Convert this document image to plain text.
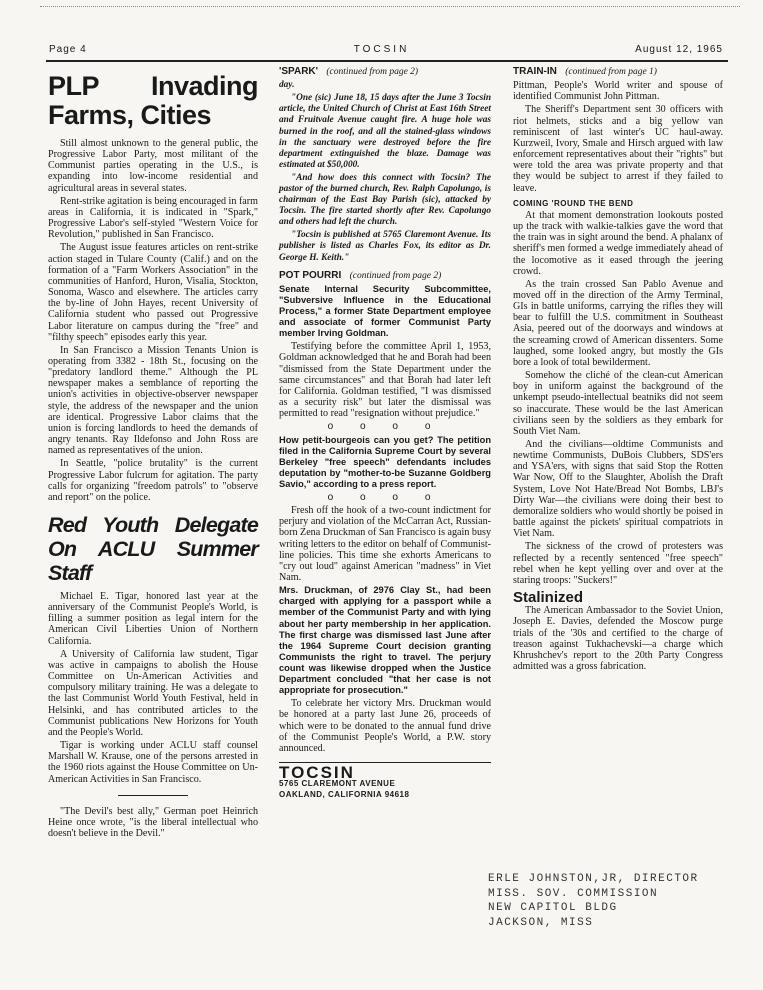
Page 4	TOCSIN	August 12, 1965
PLP Invading Farms, Cities

Still almost unknown to the general public, the Progressive Labor Party, most militant of the Communist parties operating in the U.S., is expanding into low-income residential and agricultural areas in several states.

Rent-strike agitation is being encouraged in farm areas in California, it is indicated in "Spark," Progressive Labor's self-styled "Western Voice for Revolution," published in San Francisco.

The August issue features articles on rent-strike action staged in Tulare County (Calif.) and on the formation of a "Farm Workers Association" in the communities of Hanford, Huron, Visalia, Stockton, Sonoma, Wasco and elsewhere. The articles carry the by-line of John Hayes, recent University of California student who passed out Progressive Labor literature on campus during the "free" and "filthy speech" episodes early this year.

In San Francisco a Mission Tenants Union is operating from 3382 - 18th St., focusing on the "predatory landlord theme." Although the PL newspaper makes a semblance of reporting the union's activities in objective-observer newspaper style, the address of the newspaper and the union are identical. Progressive Labor claims that the union is forcing landlords to heed the demands of angry tenants. Ray Ildefonso and John Ross are named as representatives of the union.

In Seattle, "police brutality" is the current Progressive Labor fulcrum for agitation. The party calls for organizing "freedom patrols" to "observe and report" on the police.

Red Youth Delegate On ACLU Summer Staff

Michael E. Tigar, honored last year at the anniversary of the Communist People's World, is filling a summer position as legal intern for the American Civil Liberties Union of Northern California.

A University of California law student, Tigar was active in campaigns to abolish the House Committee on Un-American Activities and compulsory military training. He was a delegate to the last Communist World Youth Festival, held in Helsinki, and has contributed articles to the Communist publications New Horizons for Youth and the People's World.

Tigar is working under ACLU staff counsel Marshall W. Krause, one of the persons arrested in the 1960 riots against the House Committee on Un-American Activities in San Francisco.

"The Devil's best ally," German poet Heinrich Heine once wrote, "is the liberal intellectual who doesn't believe in the Devil."

'SPARK' (continued from page 2)

day.

"One (sic) June 18, 15 days after the June 3 Tocsin article, the United Church of Christ at East 16th Street and Fruitvale Avenue caught fire. A huge hole was burned in the roof, and all the stained-glass windows in the sanctuary were destroyed before the fire department extinguished the blaze. Damage was estimated at $50,000.

"And how does this connect with Tocsin? The pastor of the burned church, Rev. Ralph Capolungo, is chairman of the East Bay Parish (sic), attacked by Tocsin. The fire started shortly after Rev. Capolungo and others had left the church.

"Tocsin is published at 5765 Claremont Avenue. Its publisher is listed as Charles Fox, its editor as Dr. George H. Keith."

POT POURRI (continued from page 2)

Senate Internal Security Subcommittee, "Subversive Influence in the Educational Process," a former State Department employee and associate of former Communist Party member Irving Goldman.

Testifying before the committee April 1, 1953, Goldman acknowledged that he and Borah had been "dismissed from the State Department under the same circumstances" and that Borah had later left for California. Goldman testified, "I was dismissed as a security risk" but later the dismissal was permitted to read "resignation without prejudice."

o o o o

How petit-bourgeois can you get? The petition filed in the California Supreme Court by several Berkeley "free speech" defendants includes deputation by "mother-to-be Suzanne Goldberg Savio," according to a press report.

o o o o

Fresh off the hook of a two-count indictment for perjury and violation of the McCarran Act, Russian-born Zena Druckman of San Francisco is again busy writing letters to the editor on behalf of Communist-line policies. This time she exhorts Americans to "cry out loud" against American "madness" in Viet Nam.

Mrs. Druckman, of 2976 Clay St., had been charged with applying for a passport while a member of the Communist Party and with lying about her party membership in her application. The first charge was dismissed last June after the 1964 Supreme Court decision granting Communists the right to travel. The perjury count was likewise dropped when the Justice Department concluded "that her case is not appropriate for prosecution."

To celebrate her victory Mrs. Druckman would be honored at a party last June 26, proceeds of which were to be donated to the annual fund drive of the Communist People's World, a P.W. story announced.

TOCSIN
5765 CLAREMONT AVENUE
OAKLAND, CALIFORNIA 94618
TRAIN-IN (continued from page 1)

Pittman, People's World writer and spouse of identified Communist John Pittman.

The Sheriff's Department sent 30 officers with riot helmets, sticks and a big yellow van reminiscent of last winter's UC haul-away. Kurzweil, Ivory, Smale and Hirsch argued with law enforcement representatives about their "rights" but were told the area was private property and that they would be subject to arrest if they failed to leave.

COMING 'ROUND THE BEND

At that moment demonstration lookouts posted up the track with walkie-talkies gave the word that the train was in sight around the bend. A phalanx of sheriff's men formed a wedge immediately ahead of the locomotive as it eased through the jeering crowd.

As the train crossed San Pablo Avenue and moved off in the direction of the Army Terminal, GIs in battle uniforms, carrying the rifles they will bear to fulfill the U.S. commitment in Southeast Asia, peered out of the doorways and windows at the screaming crowd of American dissenters. Some laughed, some looked angry, but mostly the GIs bore a look of total bewilderment.

Somehow the cliché of the clean-cut American boy in uniform against the background of the unkempt pseudo-intellectual beatniks did not seem so inaccurate. These would be the last American civilians seen by the soldiers as they embark for South Viet Nam.

And the civilians—oldtime Communists and newtime Communists, DuBois Clubbers, SDS'ers and YSA'ers, with signs that said Stop the Rotten War Now, Off to the Slaughter, Abolish the Draft System, Love Not Hate/Bread Not Bombs, LBJ's Dirty War—the civilians were doing their best to demoralize soldiers who would shortly be poised in battle against the pickets' spiritual compatriots in Viet Nam.

The sickness of the crowd of protesters was reflected by a recently sentenced "free speech" rebel when he kept yelling over and over at the staring troops: "Suckers!"

Stalinized

The American Ambassador to the Soviet Union, Joseph E. Davies, defended the Moscow purge trials of the '30s and certified to the charge of treason against Tukhachevski—a charge which Khrushchev's report to the 20th Party Congress admitted was a gross fabrication.

ERLE JOHNSTON,JR, DIRECTOR
MISS. SOV. COMMISSION
NEW CAPITOL BLDG
JACKSON, MISS
